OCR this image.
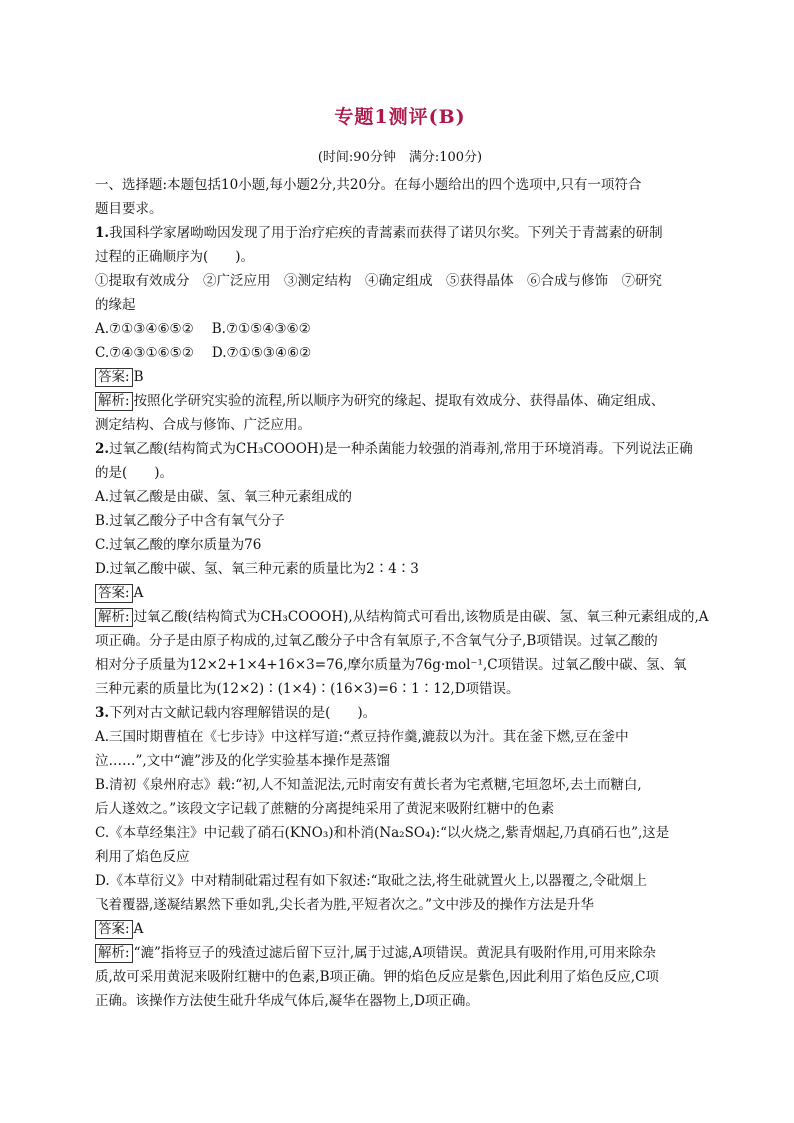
专题1测评(B)
(时间:90分钟　满分:100分)
一、选择题:本题包括10小题,每小题2分,共20分。在每小题给出的四个选项中,只有一项符合
题目要求。
1.我国科学家屠呦呦因发现了用于治疗疟疾的青蒿素而获得了诺贝尔奖。下列关于青蒿素的研制
过程的正确顺序为(　　)。
①提取有效成分　②广泛应用　③测定结构　④确定组成　⑤获得晶体　⑥合成与修饰　⑦研究
的缘起
A.⑦①③④⑥⑤② B.⑦①⑤④③⑥②
C.⑦④③①⑥⑤② D.⑦①⑤③④⑥②
答案: B
解析: 按照化学研究实验的流程,所以顺序为研究的缘起、提取有效成分、获得晶体、确定组成、
测定结构、合成与修饰、广泛应用。
2.过氧乙酸(结构简式为CH₃COOOH)是一种杀菌能力较强的消毒剂,常用于环境消毒。下列说法正确
的是(　　)。
A.过氧乙酸是由碳、氢、氧三种元素组成的
B.过氧乙酸分子中含有氧气分子
C.过氧乙酸的摩尔质量为76
D.过氧乙酸中碳、氢、氧三种元素的质量比为2∶4∶3
答案: A
解析: 过氧乙酸(结构简式为CH₃COOOH),从结构简式可看出,该物质是由碳、氢、氧三种元素组成的,A
项正确。分子是由原子构成的,过氧乙酸分子中含有氧原子,不含氧气分子,B项错误。过氧乙酸的
相对分子质量为12×2+1×4+16×3=76,摩尔质量为76g·mol⁻¹,C项错误。过氧乙酸中碳、氢、氧
三种元素的质量比为(12×2)∶(1×4)∶(16×3)=6∶1∶12,D项错误。
3.下列对古文献记载内容理解错误的是(　　)。
A.三国时期曹植在《七步诗》中这样写道:“煮豆持作羹,漉菽以为汁。萁在釜下燃,豆在釜中
泣……”,文中“漉”涉及的化学实验基本操作是蒸馏
B.清初《泉州府志》载:“初,人不知盖泥法,元时南安有黄长者为宅煮糖,宅垣忽坏,去土而糖白,
后人遂效之。”该段文字记载了蔗糖的分离提纯采用了黄泥来吸附红糖中的色素
C.《本草经集注》中记载了硝石(KNO₃)和朴消(Na₂SO₄):“以火烧之,紫青烟起,乃真硝石也”,这是
利用了焰色反应
D.《本草衍义》中对精制砒霜过程有如下叙述:“取砒之法,将生砒就置火上,以器覆之,令砒烟上
飞着覆器,遂凝结累然下垂如乳,尖长者为胜,平短者次之。”文中涉及的操作方法是升华
答案: A
解析: “漉”指将豆子的残渣过滤后留下豆汁,属于过滤,A项错误。黄泥具有吸附作用,可用来除杂
质,故可采用黄泥来吸附红糖中的色素,B项正确。钾的焰色反应是紫色,因此利用了焰色反应,C项
正确。该操作方法使生砒升华成气体后,凝华在器物上,D项正确。
